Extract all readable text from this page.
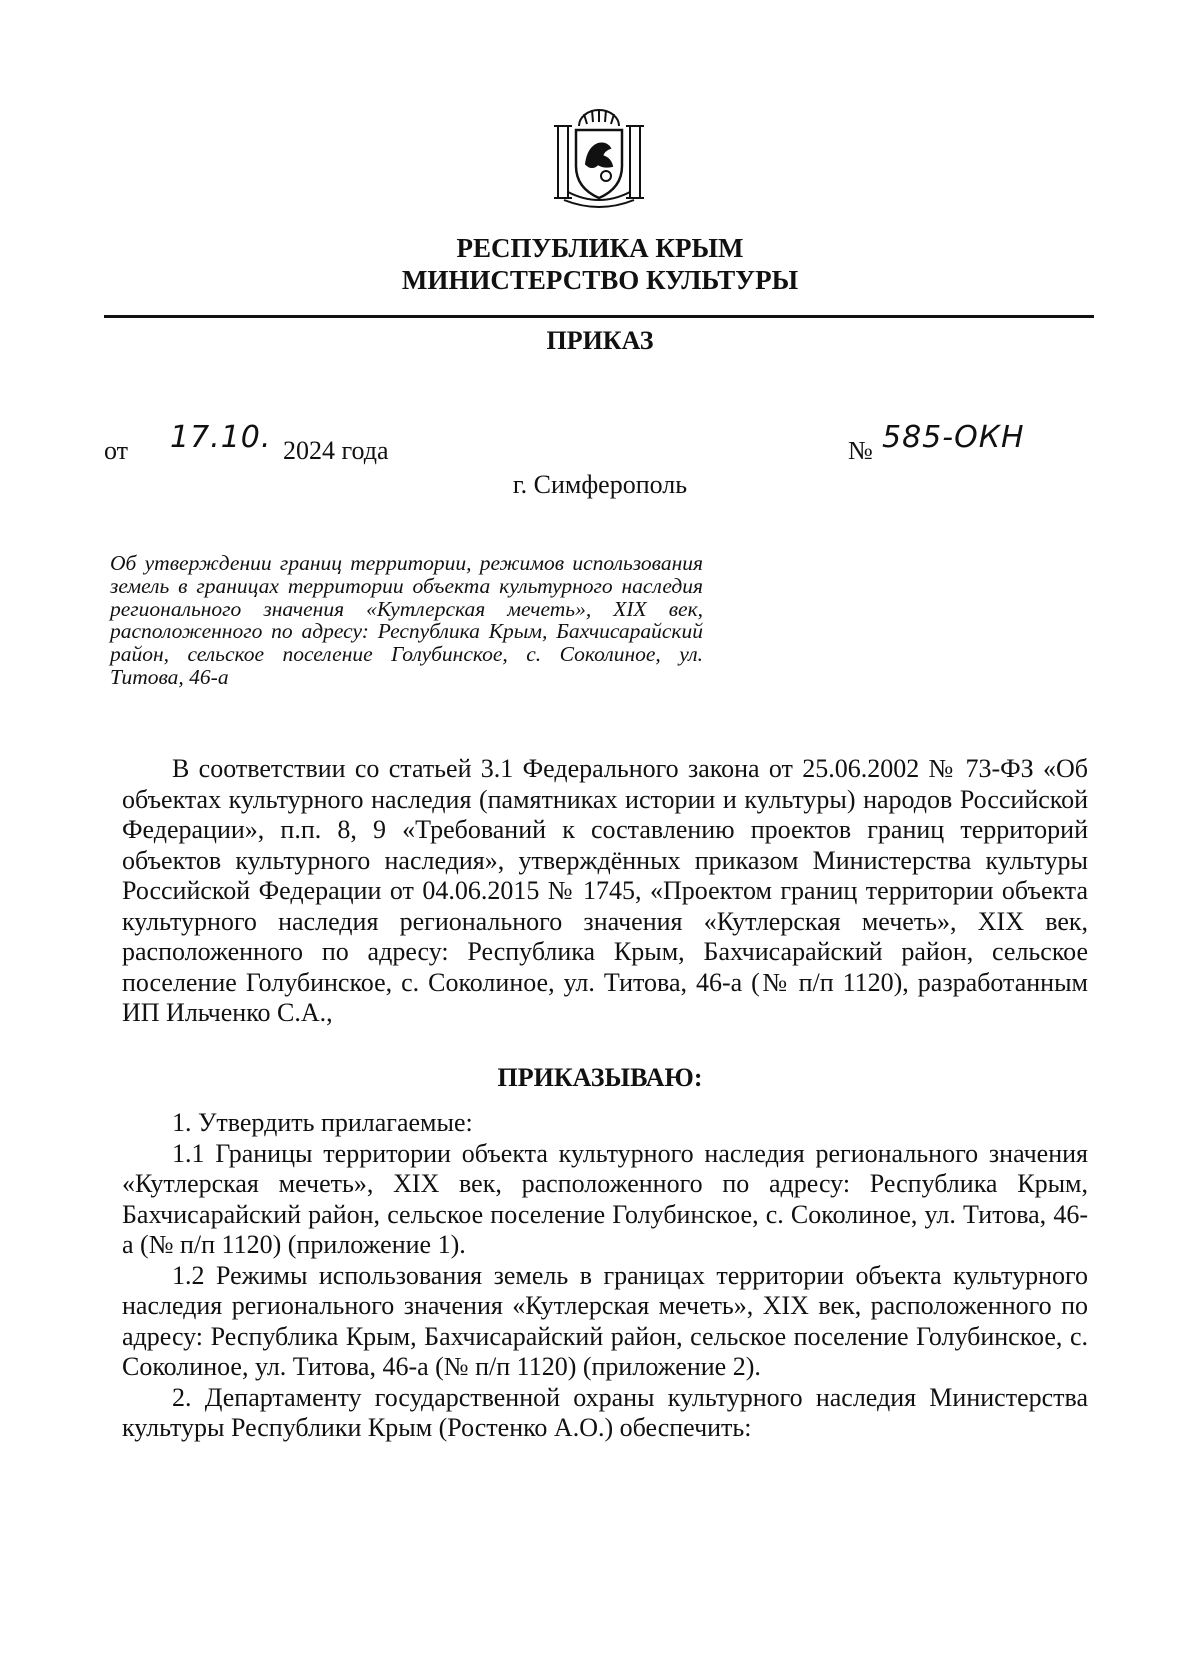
РЕСПУБЛИКА КРЫМ
МИНИСТЕРСТВО КУЛЬТУРЫ
ПРИКАЗ
от 17.10. 2024 года	№ 585-ОКН
г. Симферополь
Об утверждении границ территории, режимов использования земель в границах территории объекта культурного наследия регионального значения «Кутлерская мечеть», XIX век, расположенного по адресу: Республика Крым, Бахчисарайский район, сельское поселение Голубинское, с. Соколиное, ул. Титова, 46-а

В соответствии со статьей 3.1 Федерального закона от 25.06.2002 № 73-ФЗ «Об объектах культурного наследия (памятниках истории и культуры) народов Российской Федерации», п.п. 8, 9 «Требований к составлению проектов границ территорий объектов культурного наследия», утверждённых приказом Министерства культуры Российской Федерации от 04.06.2015 № 1745, «Проектом границ территории объекта культурного наследия регионального значения «Кутлерская мечеть», XIX век, расположенного по адресу: Республика Крым, Бахчисарайский район, сельское поселение Голубинское, с. Соколиное, ул. Титова, 46-а (№ п/п 1120), разработанным ИП Ильченко С.А.,

ПРИКАЗЫВАЮ:

1. Утвердить прилагаемые:

1.1 Границы территории объекта культурного наследия регионального значения «Кутлерская мечеть», XIX век, расположенного по адресу: Республика Крым, Бахчисарайский район, сельское поселение Голубинское, с. Соколиное, ул. Титова, 46-а (№ п/п 1120) (приложение 1).

1.2 Режимы использования земель в границах территории объекта культурного наследия регионального значения «Кутлерская мечеть», XIX век, расположенного по адресу: Республика Крым, Бахчисарайский район, сельское поселение Голубинское, с. Соколиное, ул. Титова, 46-а (№ п/п 1120) (приложение 2).

2. Департаменту государственной охраны культурного наследия Министерства культуры Республики Крым (Ростенко А.О.) обеспечить:
